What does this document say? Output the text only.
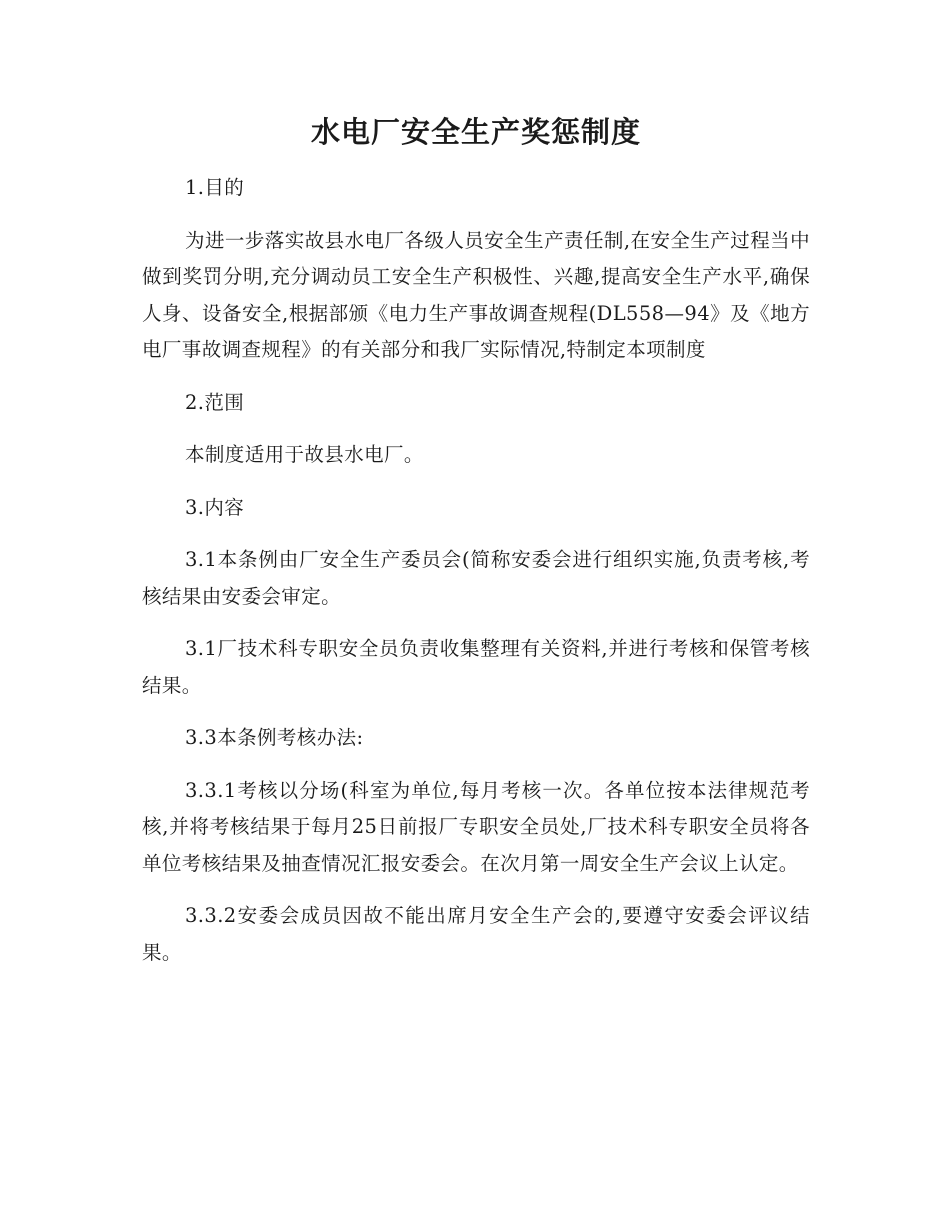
水电厂安全生产奖惩制度

1.目的

为进一步落实故县水电厂各级人员安全生产责任制,在安全生产过程当中做到奖罚分明,充分调动员工安全生产积极性、兴趣,提高安全生产水平,确保人身、设备安全,根据部颁《电力生产事故调查规程(DL558—94》及《地方电厂事故调查规程》的有关部分和我厂实际情况,特制定本项制度

2.范围

本制度适用于故县水电厂。

3.内容

3.1本条例由厂安全生产委员会(简称安委会进行组织实施,负责考核,考核结果由安委会审定。

3.1厂技术科专职安全员负责收集整理有关资料,并进行考核和保管考核结果。

3.3本条例考核办法:

3.3.1考核以分场(科室为单位,每月考核一次。各单位按本法律规范考核,并将考核结果于每月25日前报厂专职安全员处,厂技术科专职安全员将各单位考核结果及抽查情况汇报安委会。在次月第一周安全生产会议上认定。

3.3.2安委会成员因故不能出席月安全生产会的,要遵守安委会评议结果。
